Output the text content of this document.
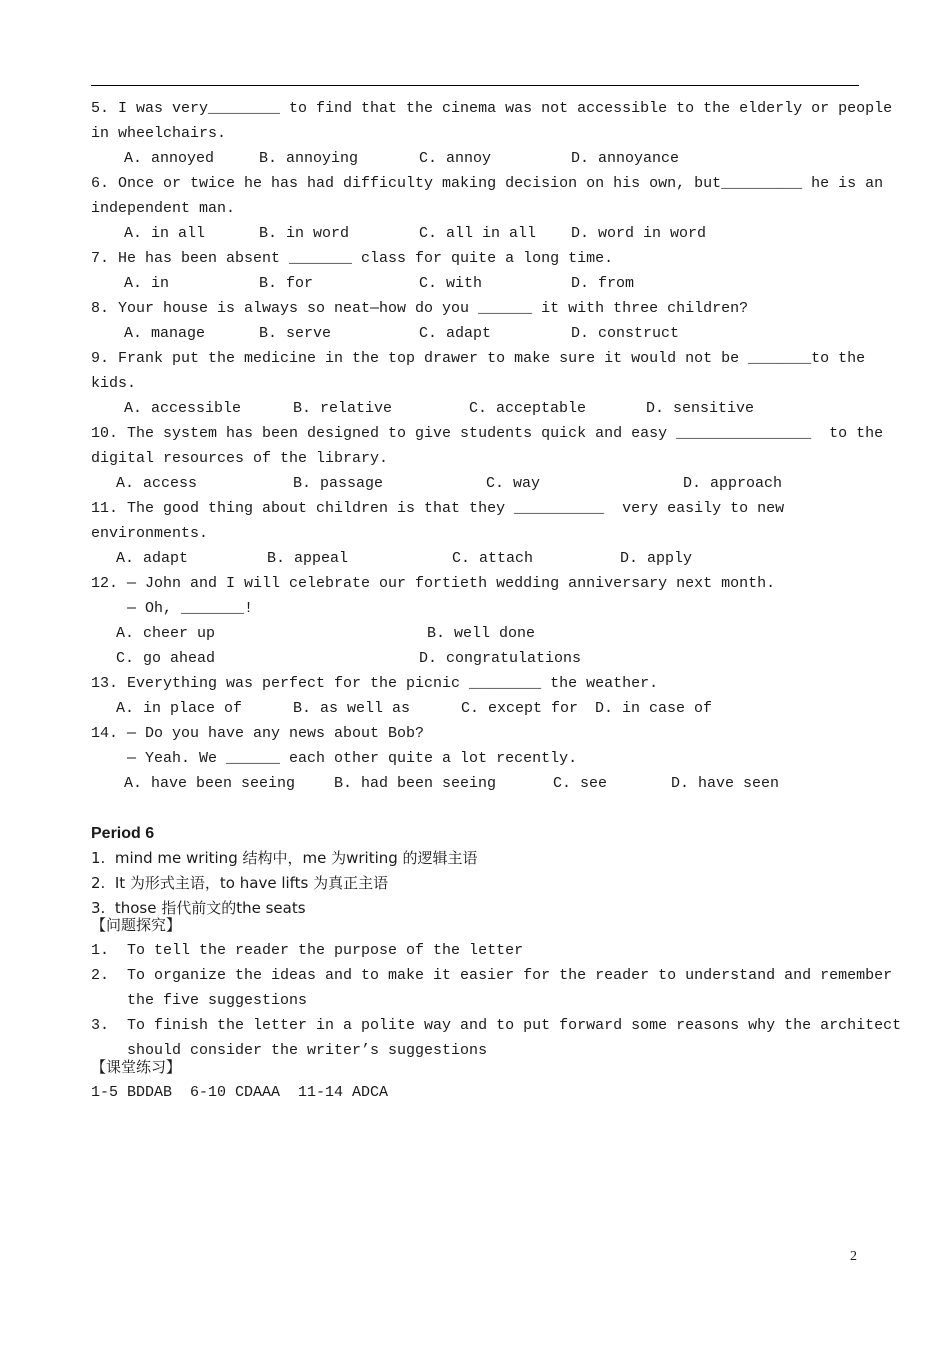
5. I was very________ to find that the cinema was not accessible to the elderly or people
in wheelchairs.
A. annoyed	B. annoying	C. annoy	D. annoyance
6. Once or twice he has had difficulty making decision on his own, but_________ he is an
independent man.
A. in all	B. in word	C. all in all D. word in word
7. He has been absent _______ class for quite a long time.
A. in	B. for	C. with	D. from
8. Your house is always so neat—how do you ______ it with three children?
A. manage	B. serve	C. adapt	D. construct
9. Frank put the medicine in the top drawer to make sure it would not be _______to the
kids.
A. accessible	B. relative	C. acceptable	D. sensitive
10. The system has been designed to give students quick and easy _______________  to the
digital resources of the library.
A. access	B. passage	C. way	D. approach
11. The good thing about children is that they __________  very easily to new
environments.
A. adapt	B. appeal	C. attach	D. apply
12. — John and I will celebrate our fortieth wedding anniversary next month.
— Oh, _______!
A. cheer up	B. well done
C. go ahead	D. congratulations
13. Everything was perfect for the picnic ________ the weather.
A. in place of	B. as well as	C. except for D. in case of
14. — Do you have any news about Bob?
— Yeah. We ______ each other quite a lot recently.
A. have been seeing	B. had been seeing	C. see	D. have seen
Period 6
1.  mind me writing 结构中，me 为writing 的逻辑主语
2.  It 为形式主语，to have lifts 为真正主语
3.  those 指代前文的the seats
【问题探究】
1.  To tell the reader the purpose of the letter
2.  To organize the ideas and to make it easier for the reader to understand and remember
the five suggestions
3.  To finish the letter in a polite way and to put forward some reasons why the architect
should consider the writer’s suggestions
【课堂练习】
1-5 BDDAB  6-10 CDAAA  11-14 ADCA
2
